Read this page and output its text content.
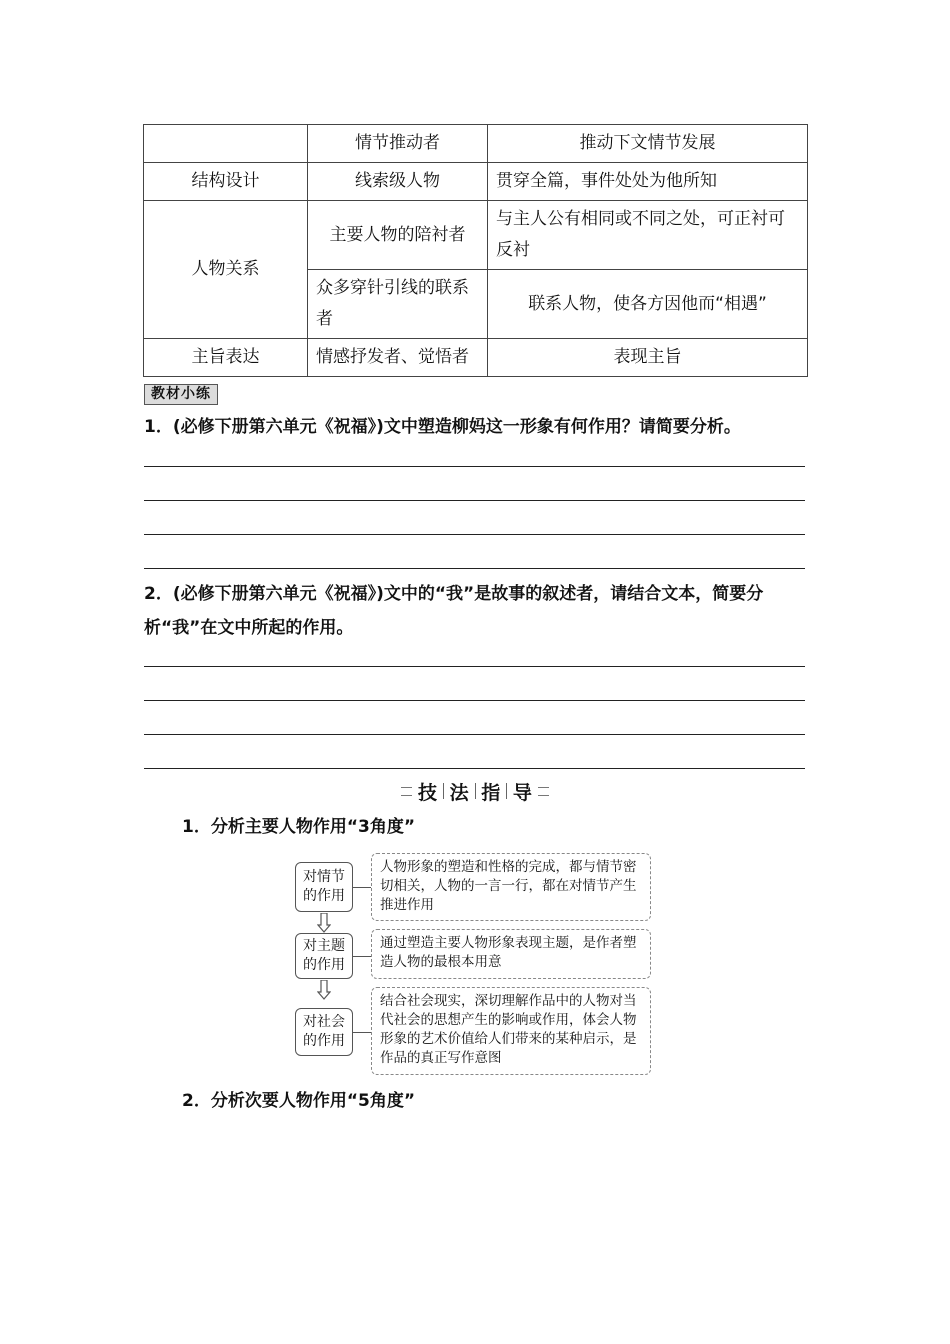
	情节推动者	推动下文情节发展
结构设计	线索级人物	贯穿全篇，事件处处为他所知
人物关系	主要人物的陪衬者	与主人公有相同或不同之处，可正衬可反衬
	众多穿针引线的联系者	联系人物，使各方因他而“相遇”
主旨表达	情感抒发者、觉悟者	表现主旨
教材小练
1．(必修下册第六单元《祝福》)文中塑造柳妈这一形象有何作用？请简要分析。
2．(必修下册第六单元《祝福》)文中的“我”是故事的叙述者，请结合文本，简要分析“我”在文中所起的作用。
技 法 指 导
1．分析主要人物作用“3角度”
对情节的作用
人物形象的塑造和性格的完成，都与情节密切相关，人物的一言一行，都在对情节产生推进作用
对主题的作用
通过塑造主要人物形象表现主题，是作者塑造人物的最根本用意
对社会的作用
结合社会现实，深切理解作品中的人物对当代社会的思想产生的影响或作用，体会人物形象的艺术价值给人们带来的某种启示，是作品的真正写作意图
2．分析次要人物作用“5角度”
